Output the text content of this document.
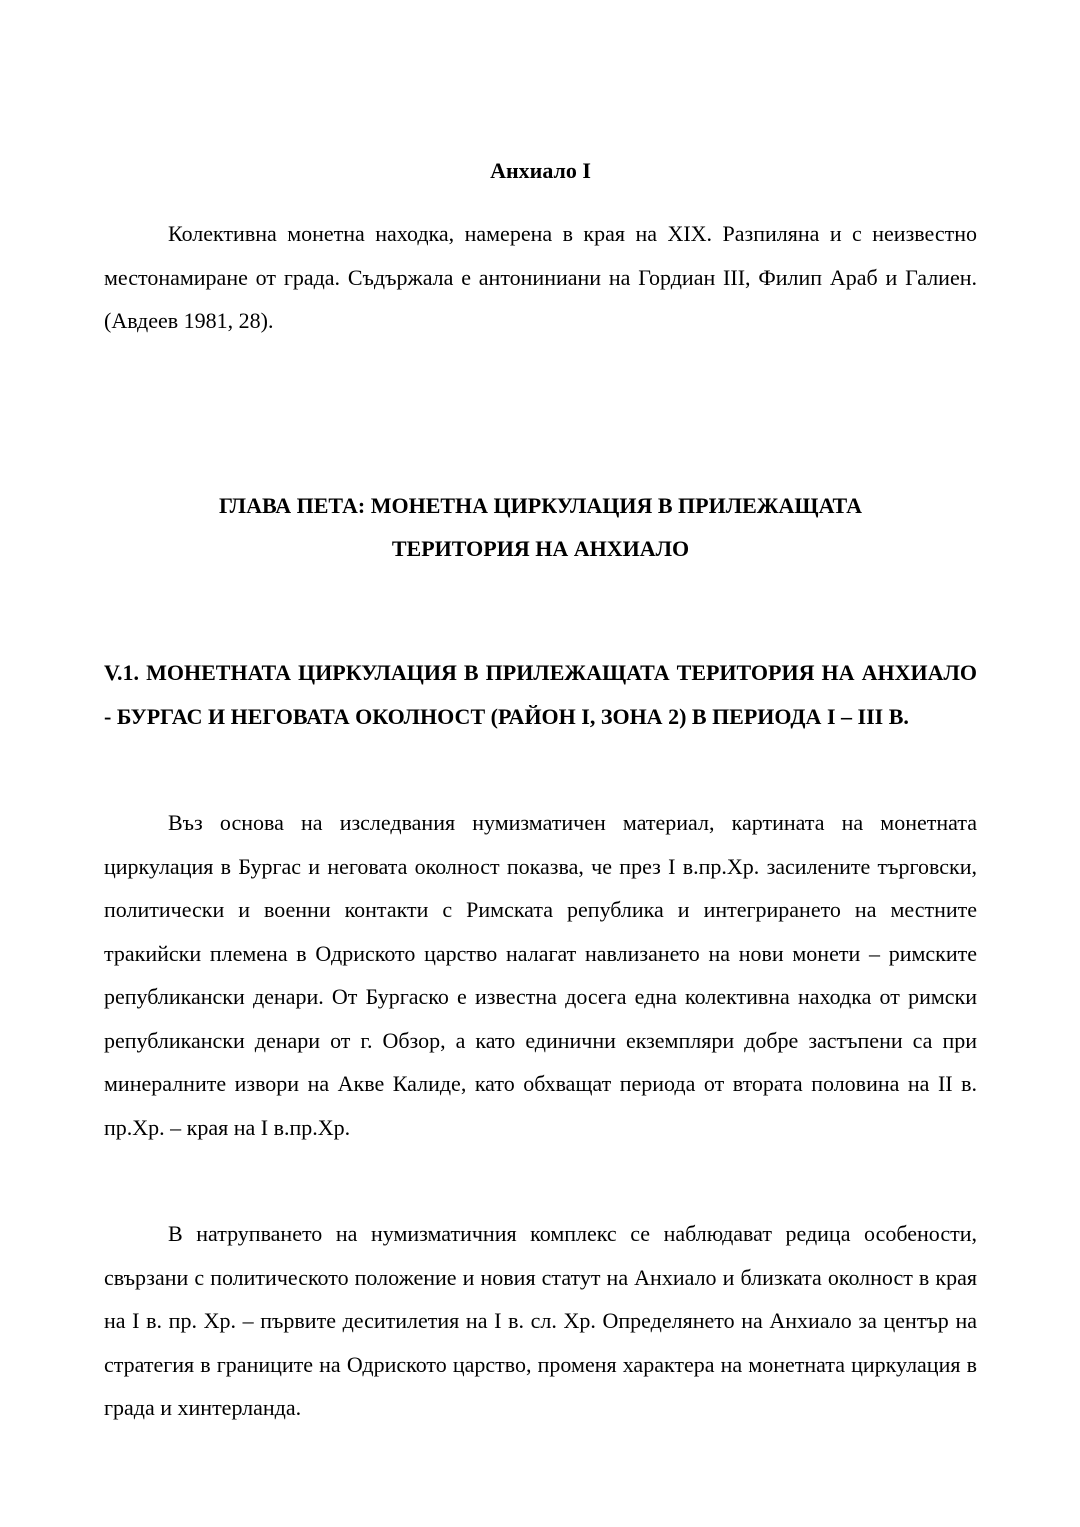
Анхиало I

Колективна монетна находка, намерена в края на XIX. Разпиляна и с неизвестно местонамиране от града. Съдържала е антониниани на Гордиан III, Филип Араб и Галиен. (Авдеев 1981, 28).

ГЛАВА ПЕТА: МОНЕТНА ЦИРКУЛАЦИЯ В ПРИЛЕЖАЩАТА
ТЕРИТОРИЯ НА АНХИАЛО
V.1. МОНЕТНАТА ЦИРКУЛАЦИЯ В ПРИЛЕЖАЩАТА ТЕРИТОРИЯ НА АНХИАЛО - БУРГАС И НЕГОВАТА ОКОЛНОСТ (РАЙОН I, ЗОНА 2) В ПЕРИОДА I – III В.

Въз основа на изследвания нумизматичен материал, картината на монетната циркулация в Бургас и неговата околност показва, че през I в.пр.Хр. засилените търговски, политически и военни контакти с Римската република и интегрирането на местните тракийски племена в Одриското царство налагат навлизането на нови монети – римските републикански денари. От Бургаско е известна досега една колективна находка от римски републикански денари от г. Обзор, а като единични екземпляри добре застъпени са при минералните извори на Акве Калиде, като обхващат периода от втората половина на II в. пр.Хр. – края на I в.пр.Хр.

В натрупването на нумизматичния комплекс се наблюдават редица особености, свързани с политическото положение и новия статут на Анхиало и близката околност в края на I в. пр. Хр. – първите деситилетия на I в. сл. Хр. Определянето на Анхиало за център на стратегия в границите на Одриското царство, променя характера на монетната циркулация в града и хинтерланда.
